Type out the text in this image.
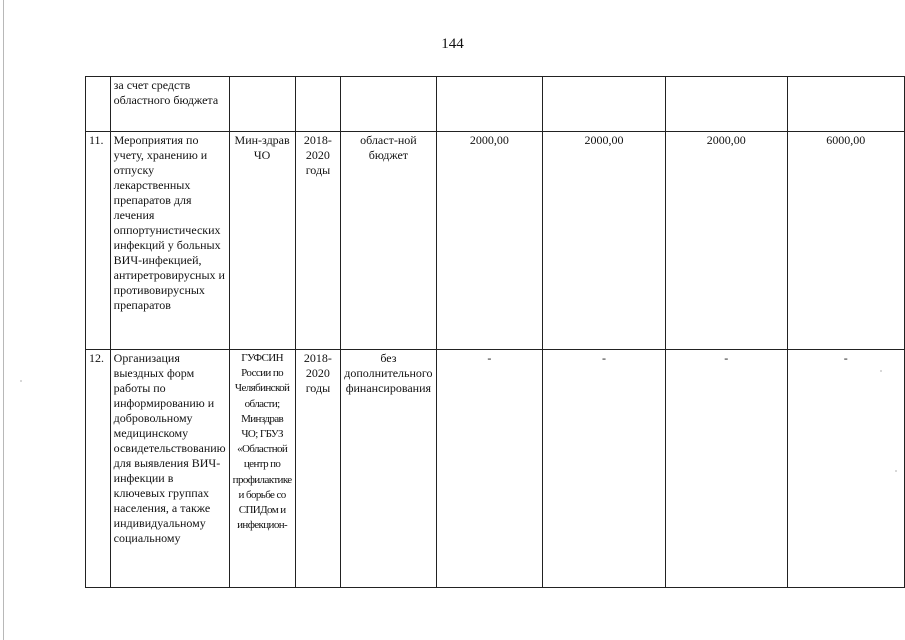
144
	за счет средств областного бюджета							
11.	Мероприятия по учету, хранению и отпуску лекарственных препаратов для лечения оппортунистических инфекций у больных ВИЧ-инфекцией, антиретровирусных и противовирусных препаратов	Мин-здрав ЧО	2018-2020 годы	област-ной бюджет	2000,00	2000,00	2000,00	6000,00
12.	Организация выездных форм работы по информированию и добровольному медицинскому освидетельствованию для выявления ВИЧ-инфекции в ключевых группах населения, а также индивидуальному социальному	ГУФСИН России по Челябинской области; Минздрав ЧО; ГБУЗ «Областной центр по профилактике и борьбе со СПИДом и инфекцион-	2018-2020 годы	без дополнительного финансирования	-	-	-	-
